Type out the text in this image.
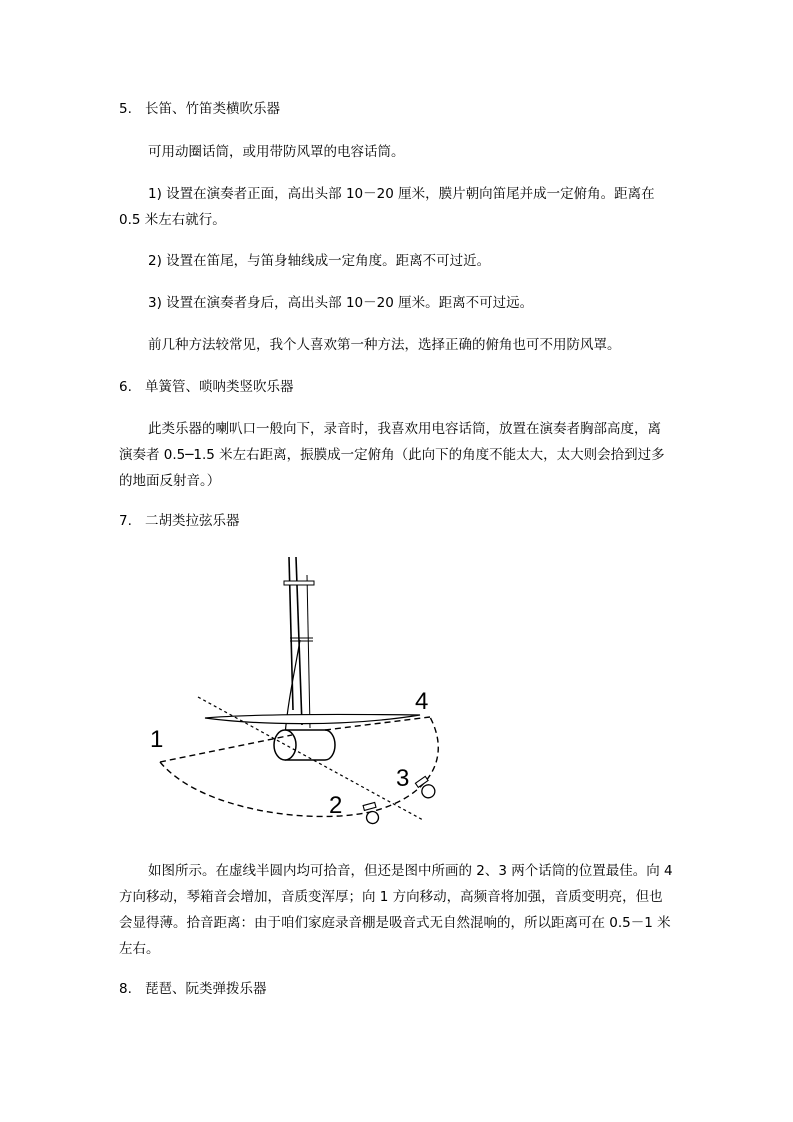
5. 长笛、竹笛类横吹乐器
可用动圈话筒，或用带防风罩的电容话筒。
1) 设置在演奏者正面，高出头部 10－20 厘米，膜片朝向笛尾并成一定俯角。距离在 0.5 米左右就行。
2) 设置在笛尾，与笛身轴线成一定角度。距离不可过近。
3) 设置在演奏者身后，高出头部 10－20 厘米。距离不可过远。
前几种方法较常见，我个人喜欢第一种方法，选择正确的俯角也可不用防风罩。
6. 单簧管、唢呐类竖吹乐器
此类乐器的喇叭口一般向下，录音时，我喜欢用电容话筒，放置在演奏者胸部高度，离演奏者 0.5─1.5 米左右距离，振膜成一定俯角（此向下的角度不能太大，太大则会拾到过多的地面反射音。）
7. 二胡类拉弦乐器
1
2
3
4
如图所示。在虚线半圆内均可拾音，但还是图中所画的 2、3 两个话筒的位置最佳。向 4 方向移动，琴箱音会增加，音质变浑厚；向 1 方向移动，高频音将加强，音质变明亮，但也会显得薄。拾音距离：由于咱们家庭录音棚是吸音式无自然混响的，所以距离可在 0.5－1 米左右。
8. 琵琶、阮类弹拨乐器
